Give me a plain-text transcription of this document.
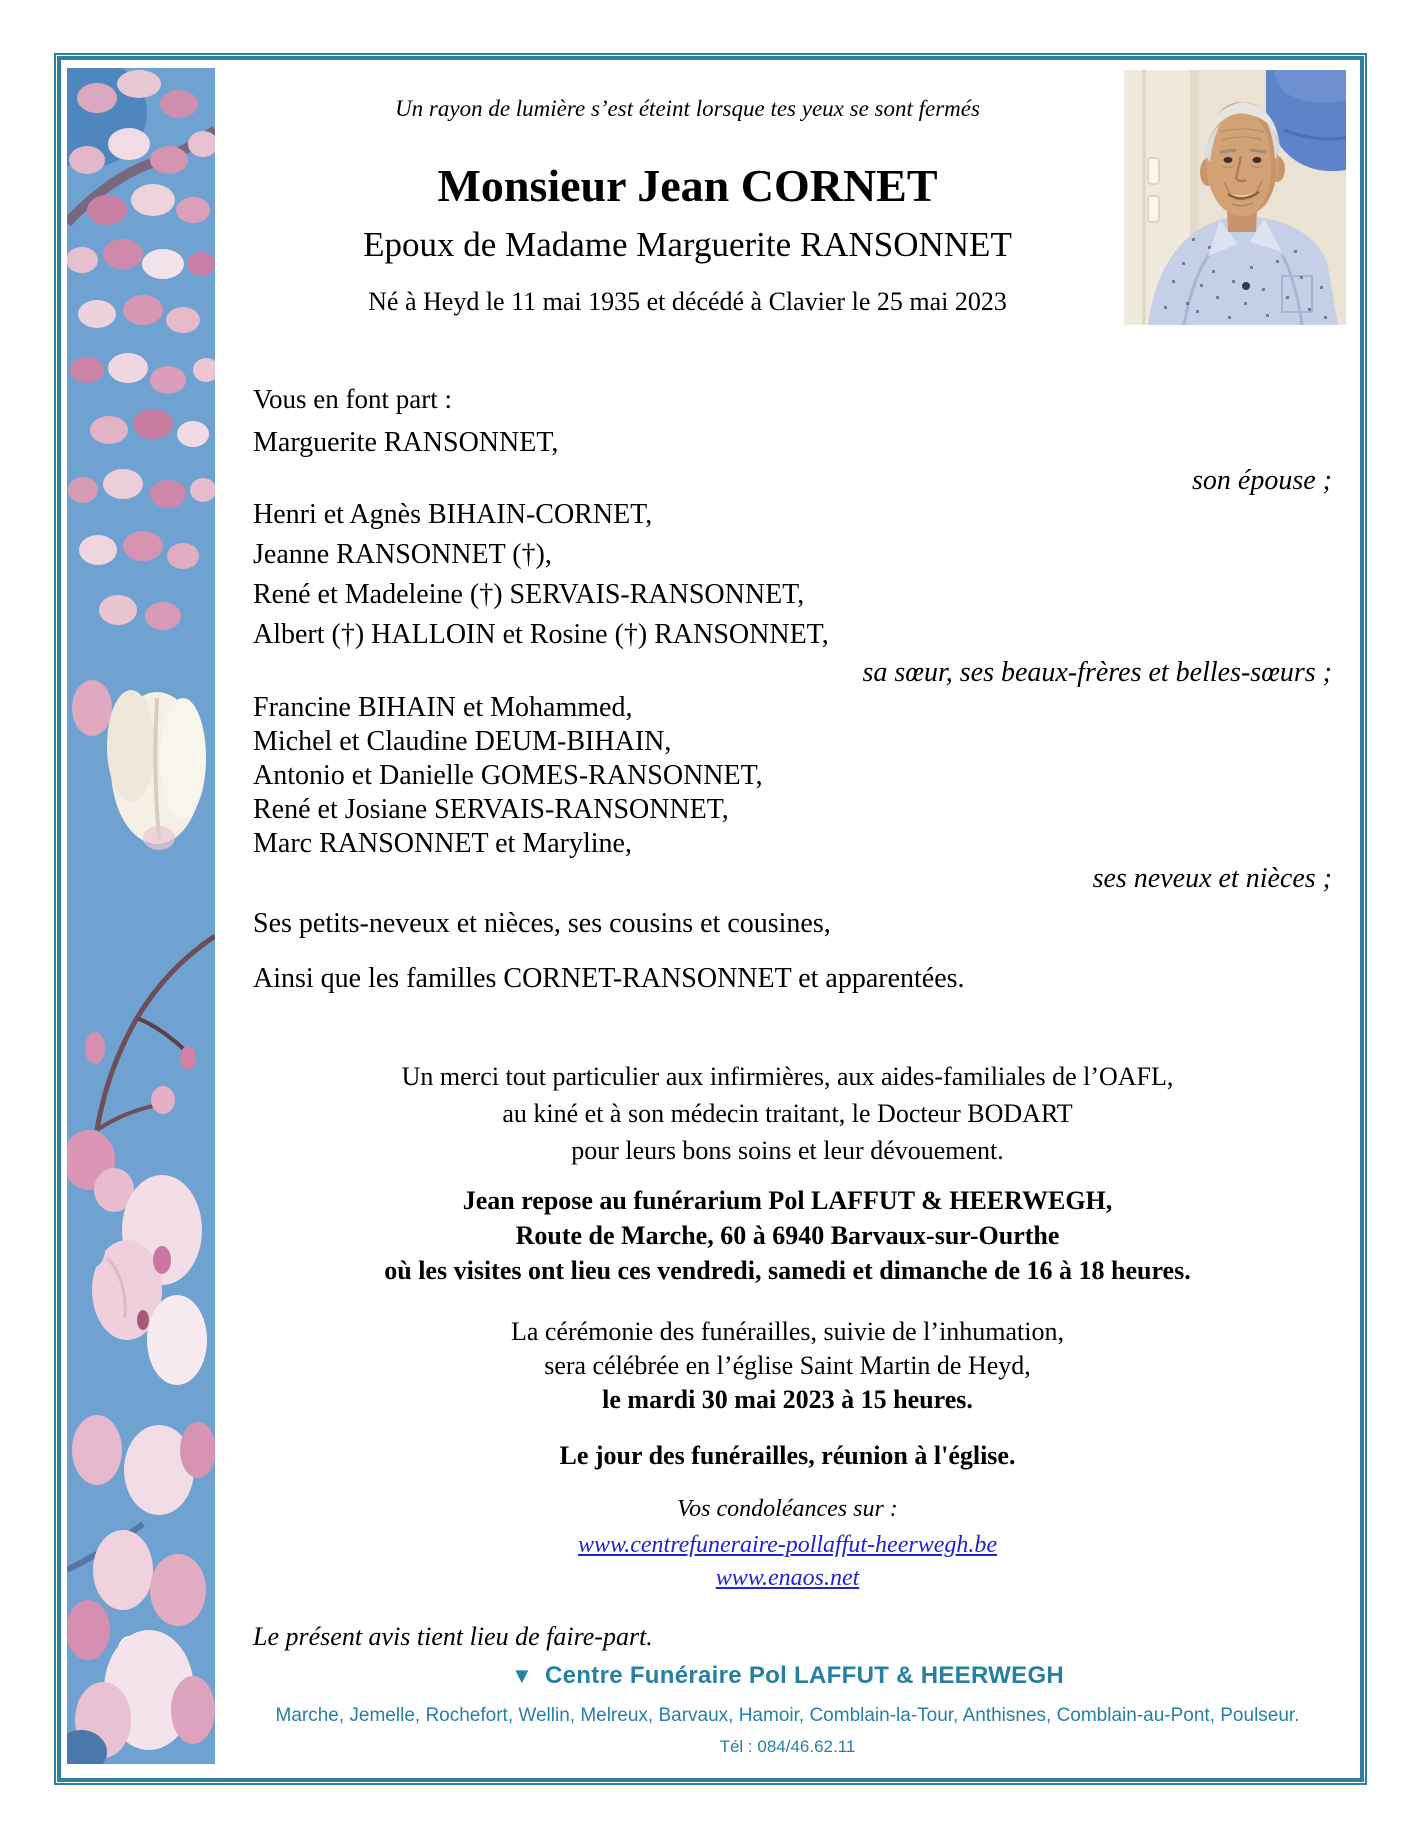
Un rayon de lumière s’est éteint lorsque tes yeux se sont fermés
Monsieur Jean CORNET
Epoux de Madame Marguerite RANSONNET
Né à Heyd le 11 mai 1935 et décédé à Clavier le 25 mai 2023
Vous en font part :
Marguerite RANSONNET,
son épouse ;
Henri et Agnès BIHAIN-CORNET,
Jeanne RANSONNET (†),
René et Madeleine (†) SERVAIS-RANSONNET,
Albert (†) HALLOIN et Rosine (†) RANSONNET,
sa sœur, ses beaux-frères et belles-sœurs ;
Francine BIHAIN et Mohammed,
Michel et Claudine DEUM-BIHAIN,
Antonio et Danielle GOMES-RANSONNET,
René et Josiane SERVAIS-RANSONNET,
Marc RANSONNET et Maryline,
ses neveux et nièces ;
Ses petits-neveux et nièces, ses cousins et cousines,
Ainsi que les familles CORNET-RANSONNET et apparentées.
Un merci tout particulier aux infirmières, aux aides-familiales de l’OAFL,
au kiné et à son médecin traitant, le Docteur BODART
pour leurs bons soins et leur dévouement.
Jean repose au funérarium Pol LAFFUT & HEERWEGH,
Route de Marche, 60 à 6940 Barvaux-sur-Ourthe
où les visites ont lieu ces vendredi, samedi et dimanche de 16 à 18 heures.
La cérémonie des funérailles, suivie de l’inhumation,
sera célébrée en l’église Saint Martin de Heyd,
le mardi 30 mai 2023 à 15 heures.
Le jour des funérailles, réunion à l'église.
Vos condoléances sur :
www.centrefuneraire-pollaffut-heerwegh.be
www.enaos.net
Le présent avis tient lieu de faire-part.
▼ Centre Funéraire Pol LAFFUT & HEERWEGH
Marche, Jemelle, Rochefort, Wellin, Melreux, Barvaux, Hamoir, Comblain-la-Tour, Anthisnes, Comblain-au-Pont, Poulseur.
Tél : 084/46.62.11
